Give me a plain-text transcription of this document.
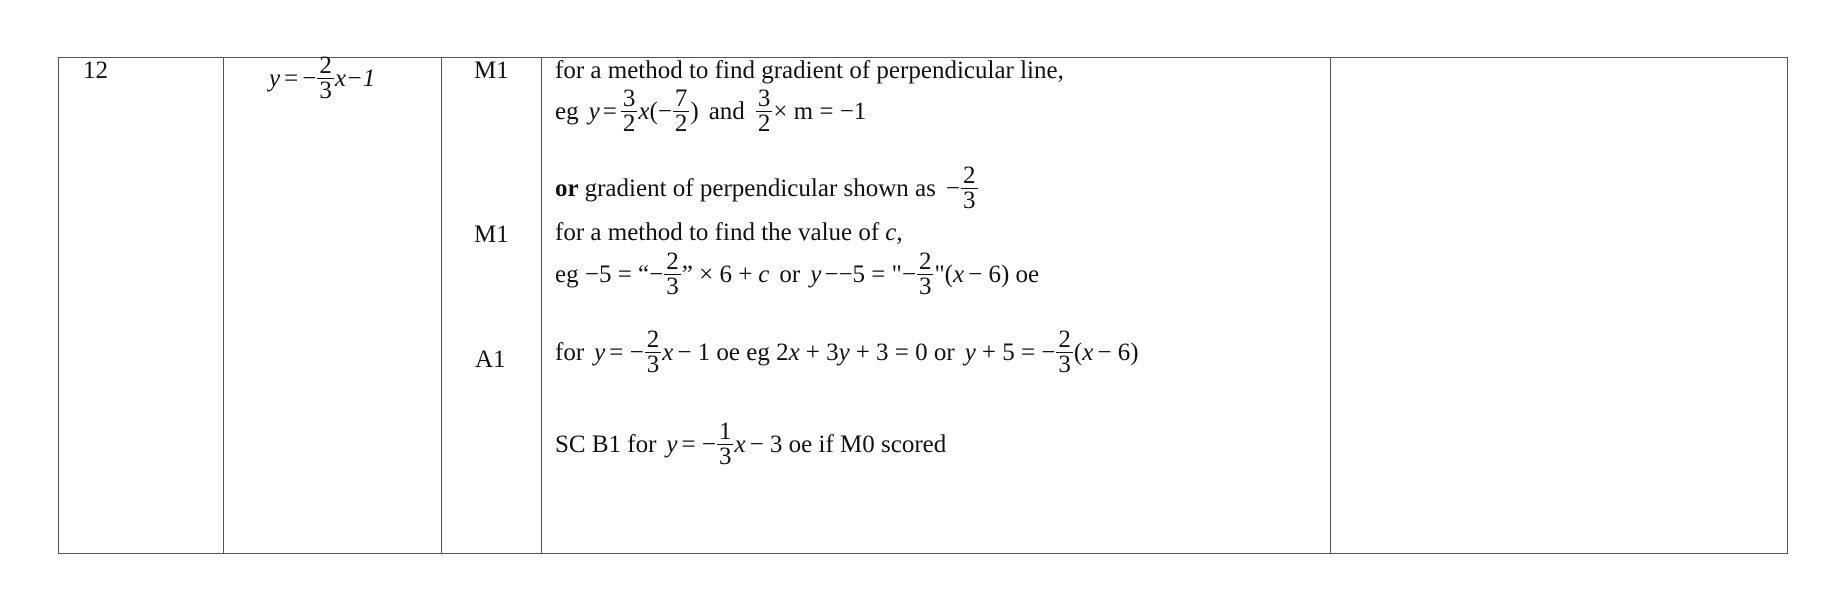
12	y = − $\frac{2}{3} x-1$	M1
M1
A1
for a method to find gradient of perpendicular line,
eg $y = \frac{3}{2}$ x (− $\frac{7}{2}$ ) and $\frac{3}{2} \times m = -1$
or gradient of perpendicular shown as − $\frac{2}{3}$
for a method to find the value of c ,
eg −5 = “− $\frac{2}{3}$ ” × 6 + c or y −−5 = "− $\frac{2}{3}$ "( x − 6) oe
for y = − $\frac{2}{3}$ x − 1 oe eg 2 x + 3 y + 3 = 0 or y + 5 = − $\frac{2}{3}$ ( x − 6)
SC B1 for y = − $\frac{1}{3}$ x − 3 oe if M0 scored
